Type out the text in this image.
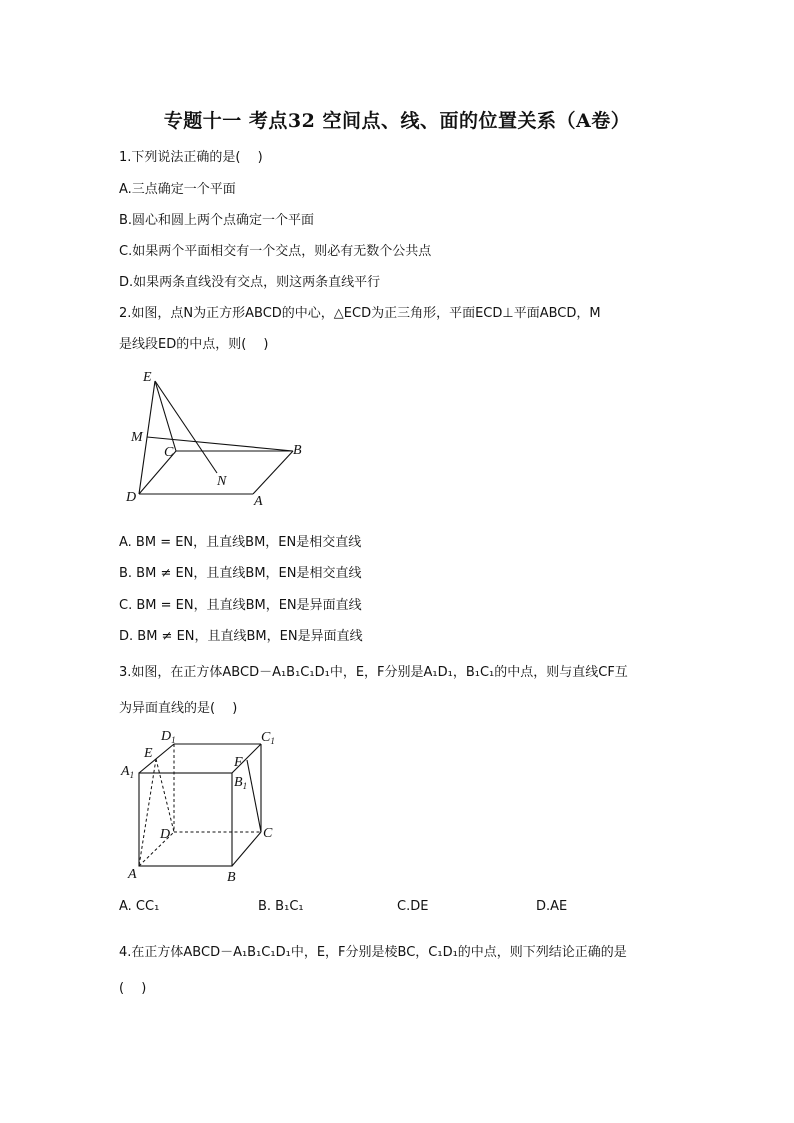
专题十一 考点32 空间点、线、面的位置关系（A卷）
1.下列说法正确的是(　 )
A.三点确定一个平面
B.圆心和圆上两个点确定一个平面
C.如果两个平面相交有一个交点，则必有无数个公共点
D.如果两条直线没有交点，则这两条直线平行
2.如图，点N为正方形ABCD的中心，△ECD为正三角形，平面ECD⊥平面ABCD，M
是线段ED的中点，则(　 )
E
M
C	B
N
D	A
A. BM = EN，且直线BM，EN是相交直线
B. BM ≠ EN，且直线BM，EN是相交直线
C. BM = EN，且直线BM，EN是异面直线
D. BM ≠ EN，且直线BM，EN是异面直线
3.如图，在正方体ABCD－A₁B₁C₁D₁中，E，F分别是A₁D₁，B₁C₁的中点，则与直线CF互
为异面直线的是(　 )
$D_1$	$C_1$
E
F
$A_1$	$B_1$
D	C
A	B
A. CC₁	B. B₁C₁	C.DE	D.AE
4.在正方体ABCD－A₁B₁C₁D₁中，E，F分别是棱BC，C₁D₁的中点，则下列结论正确的是
(　 )
